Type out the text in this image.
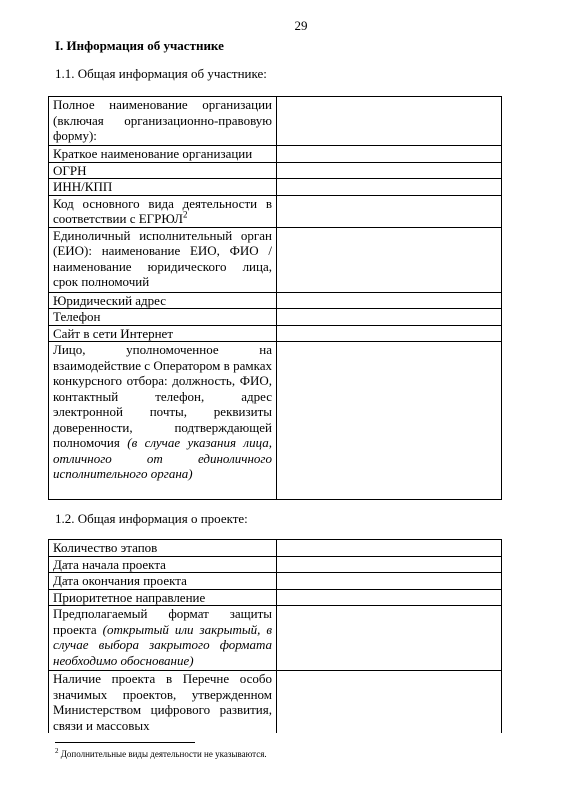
29
I. Информация об участнике
1.1. Общая информация об участнике:
Полное наименование организации (включая организационно-правовую форму):	
Краткое наименование организации	
ОГРН	
ИНН/КПП	
Код основного вида деятельности в соответствии с ЕГРЮЛ$^2$	
Единоличный исполнительный орган (ЕИО): наименование ЕИО, ФИО / наименование юридического лица, срок полномочий	
Юридический адрес	
Телефон	
Сайт в сети Интернет	
Лицо, уполномоченное на взаимодействие с Оператором в рамках конкурсного отбора: должность, ФИО, контактный телефон, адрес электронной почты, реквизиты доверенности, подтверждающей полномочия (в случае указания лица, отличного от единоличного исполнительного органа)	
1.2. Общая информация о проекте:
Количество этапов	
Дата начала проекта	
Дата окончания проекта	
Приоритетное направление	
Предполагаемый формат защиты проекта (открытый или закрытый, в случае выбора закрытого формата необходимо обоснование)	
Наличие проекта в Перечне особо значимых проектов, утвержденном Министерством цифрового развития, связи и массовых	
$^2$ Дополнительные виды деятельности не указываются.
